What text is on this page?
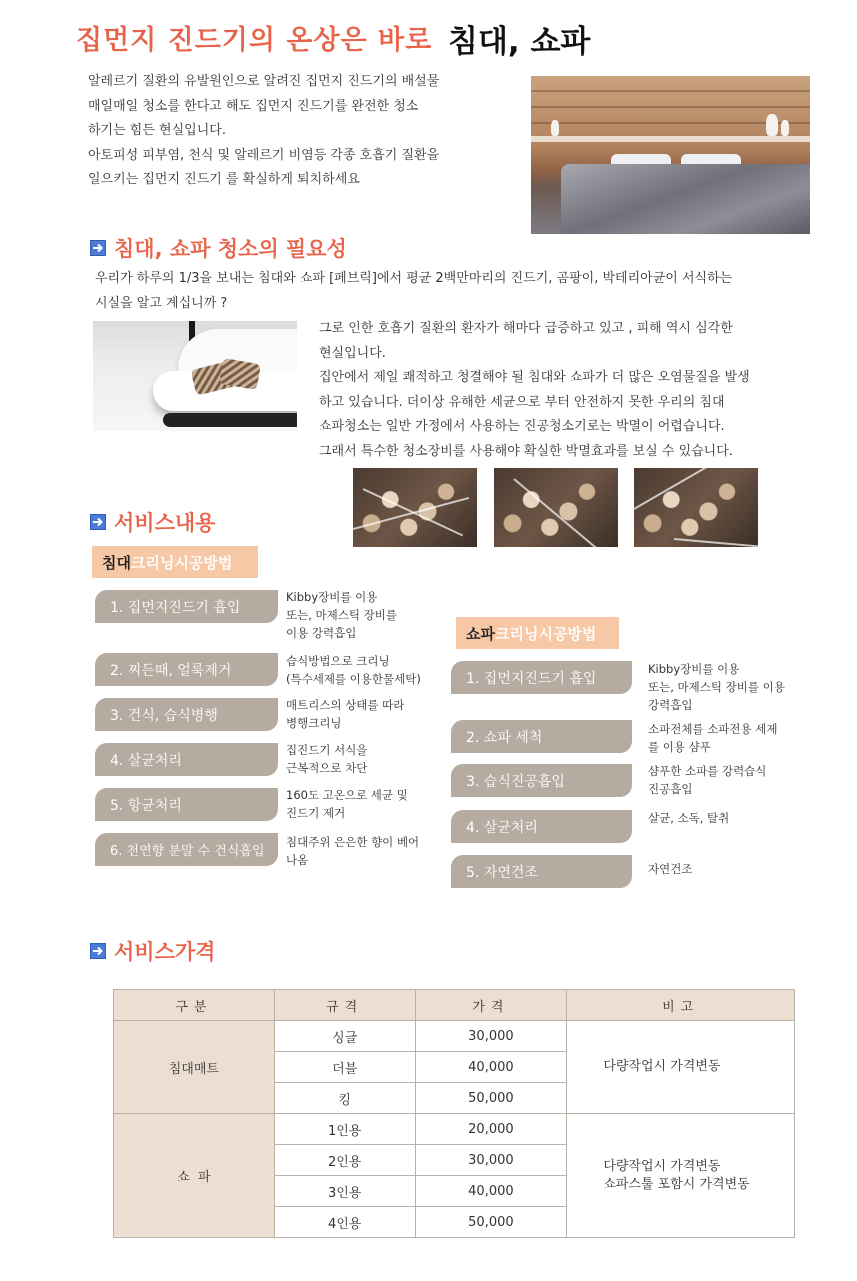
집먼지 진드기의 온상은 바로 침대, 쇼파
알레르기 질환의 유발원인으로 알려진 집먼지 진드기의 배설물
매일매일 청소를 한다고 해도 집먼지 진드기를 완전한 청소
하기는 힘든 현실입니다.
아토피성 피부염, 천식 및 알레르기 비염등 각종 호흡기 질환을
일으키는 집먼지 진드기 를 확실하게 퇴치하세요
침대, 쇼파 청소의 필요성
우리가 하루의 1/3을 보내는 침대와 쇼파 [페브릭]에서 평균 2백만마리의 진드기, 곰팡이, 박테리아균이 서식하는
시실을 알고 계십니까 ?
그로 인한 호흡기 질환의 환자가 해마다 급증하고 있고 , 피해 역시 심각한
현실입니다.
집안에서 제일 쾌적하고 청결해야 될 침대와 쇼파가 더 많은 오염물질을 발생
하고 있습니다. 더이상 유해한 세균으로 부터 안전하지 못한 우리의 침대
쇼파청소는 일반 가정에서 사용하는 진공청소기로는 박멸이 어렵습니다.
그래서 특수한 청소장비를 사용해야 확실한 박멸효과를 보실 수 있습니다.
서비스내용
침대 크리닝시공방법
1. 집먼지진드기 흡입
Kibby장비를 이용
또는, 마제스틱 장비를
이용 강력흡입
2. 찌든때, 얼룩제거
습식방법으로 크리닝
(특수세제를 이용한물세탁)
3. 건식, 습식병행
매트리스의 상태를 따라
병행크리닝
4. 살균처리
집진드기 서식을
근복적으로 차단
5. 항균처리
160도 고온으로 세균 및
진드기 제거
6. 천연향 분말 수 건식흡입
침대주위 은은한 향이 베어
나옴
쇼파 크리닝시공방법
1. 집먼지진드기 흡입
Kibby장비를 이용
또는, 마제스틱 장비를 이용
강력흡입
2. 쇼파 세척
소파전체를 소파전용 세제
를 이용 샴푸
3. 습식진공흡입
샴푸한 소파를 강력습식
진공흡입
4. 살균처리
살균, 소독, 탈취
5. 자연건조	자연건조
서비스가격
구분	규격	가격	비고
침대매트	싱글	30,000	다량작업시 가격변동

	더블	40,000	
	킹	50,000	
쇼  파	1인용	20,000	다량작업시 가격변동
쇼파스툴 포함시 가격변동

	2인용	30,000	
	3인용	40,000	
	4인용	50,000	
